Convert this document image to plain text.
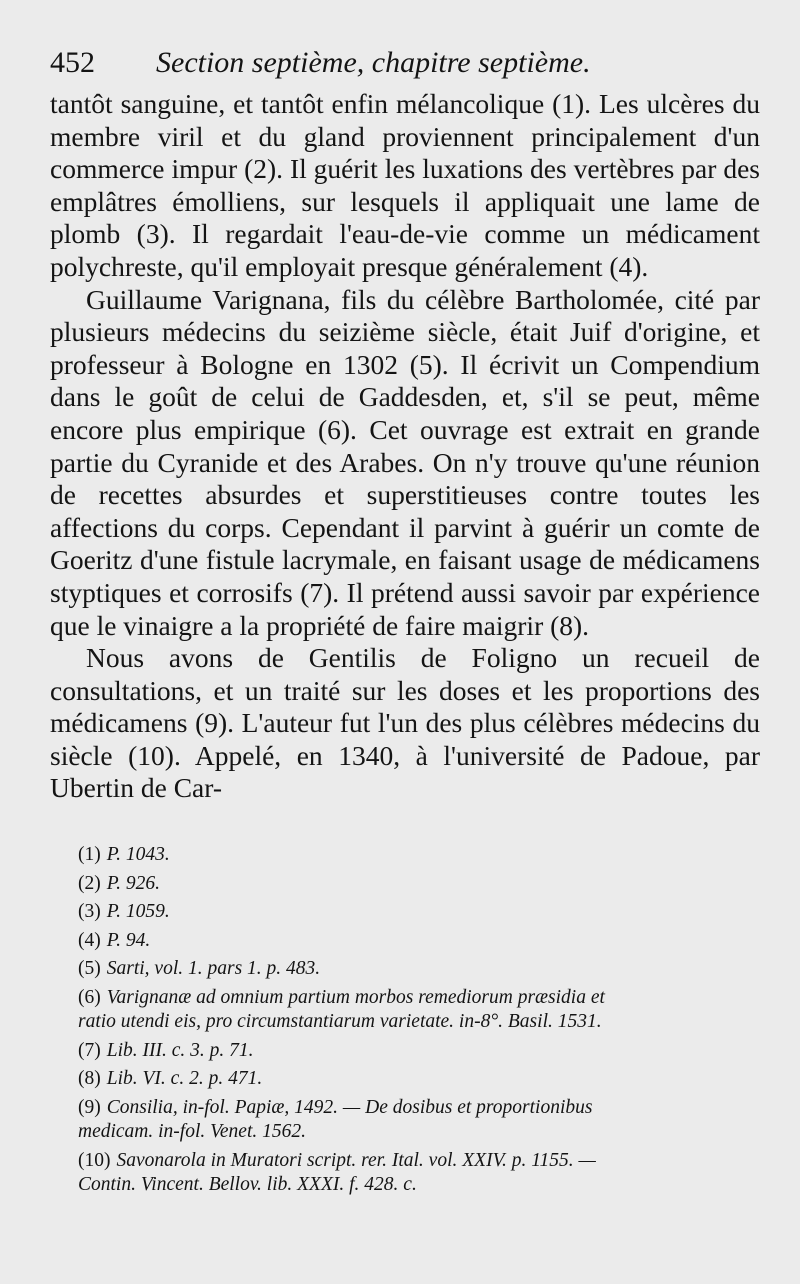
452	Section septième, chapitre septième.

tantôt sanguine, et tantôt enfin mélancolique (1). Les ulcères du membre viril et du gland proviennent principalement d'un commerce impur (2). Il guérit les luxations des vertèbres par des emplâtres émolliens, sur lesquels il appliquait une lame de plomb (3). Il regardait l'eau-de-vie comme un médicament polychreste, qu'il employait presque généralement (4).

Guillaume Varignana, fils du célèbre Bartholomée, cité par plusieurs médecins du seizième siècle, était Juif d'origine, et professeur à Bologne en 1302 (5). Il écrivit un Compendium dans le goût de celui de Gaddesden, et, s'il se peut, même encore plus empirique (6). Cet ouvrage est extrait en grande partie du Cyranide et des Arabes. On n'y trouve qu'une réunion de recettes absurdes et superstitieuses contre toutes les affections du corps. Cependant il parvint à guérir un comte de Goeritz d'une fistule lacrymale, en faisant usage de médicamens styptiques et corrosifs (7). Il prétend aussi savoir par expérience que le vinaigre a la propriété de faire maigrir (8).

Nous avons de Gentilis de Foligno un recueil de consultations, et un traité sur les doses et les proportions des médicamens (9). L'auteur fut l'un des plus célèbres médecins du siècle (10). Appelé, en 1340, à l'université de Padoue, par Ubertin de Car-

(1) P. 1043.
(2) P. 926.
(3) P. 1059.
(4) P. 94.
(5) Sarti, vol. 1. pars 1. p. 483.
(6) Varignanæ ad omnium partium morbos remediorum præsidia et
ratio utendi eis, pro circumstantiarum varietate. in-8°. Basil. 1531.
(7) Lib. III. c. 3. p. 71.
(8) Lib. VI. c. 2. p. 471.
(9) Consilia, in-fol. Papiæ, 1492. — De dosibus et proportionibus
medicam. in-fol. Venet. 1562.
(10) Savonarola in Muratori script. rer. Ital. vol. XXIV. p. 1155. —
Contin. Vincent. Bellov. lib. XXXI. f. 428. c.
